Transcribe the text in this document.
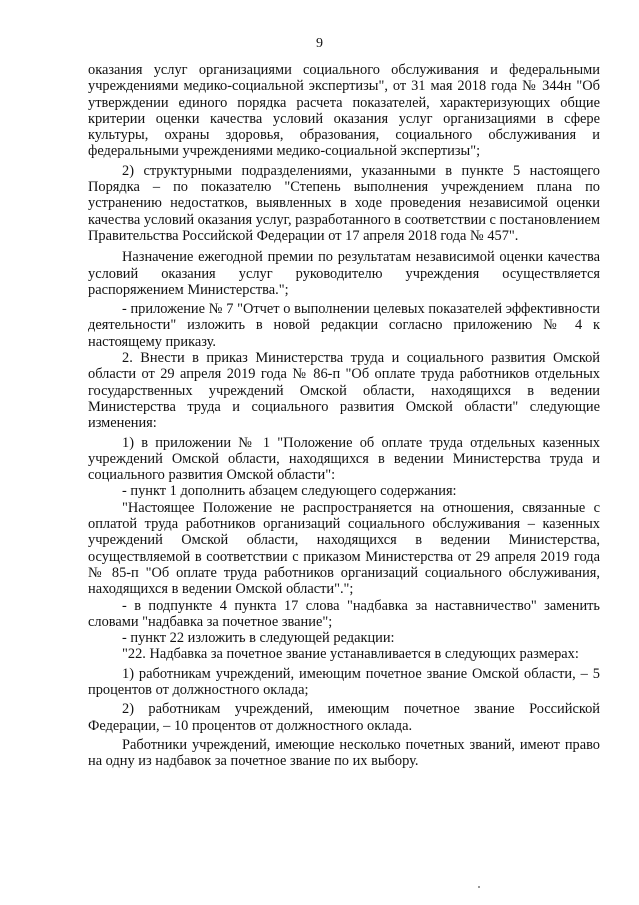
9

оказания услуг организациями социального обслуживания и федеральными учреждениями медико-социальной экспертизы", от 31 мая 2018 года № 344н "Об утверждении единого порядка расчета показателей, характеризующих общие критерии оценки качества условий оказания услуг организациями в сфере культуры, охраны здоровья, образования, социального обслуживания и федеральными учреждениями медико-социальной экспертизы";

2) структурными подразделениями, указанными в пункте 5 настоящего Порядка – по показателю "Степень выполнения учреждением плана по устранению недостатков, выявленных в ходе проведения независимой оценки качества условий оказания услуг, разработанного в соответствии с постановлением Правительства Российской Федерации от 17 апреля 2018 года № 457".

Назначение ежегодной премии по результатам независимой оценки качества условий оказания услуг руководителю учреждения осуществляется распоряжением Министерства.";

- приложение № 7 "Отчет о выполнении целевых показателей эффективности деятельности" изложить в новой редакции согласно приложению № 4 к настоящему приказу.

2. Внести в приказ Министерства труда и социального развития Омской области от 29 апреля 2019 года № 86-п "Об оплате труда работников отдельных государственных учреждений Омской области, находящихся в ведении Министерства труда и социального развития Омской области" следующие изменения:

1) в приложении № 1 "Положение об оплате труда отдельных казенных учреждений Омской области, находящихся в ведении Министерства труда и социального развития Омской области":

- пункт 1 дополнить абзацем следующего содержания:

"Настоящее Положение не распространяется на отношения, связанные с оплатой труда работников организаций социального обслуживания – казенных учреждений Омской области, находящихся в ведении Министерства, осуществляемой в соответствии с приказом Министерства от 29 апреля 2019 года № 85-п "Об оплате труда работников организаций социального обслуживания, находящихся в ведении Омской области".";

- в подпункте 4 пункта 17 слова "надбавка за наставничество" заменить словами "надбавка за почетное звание";

- пункт 22 изложить в следующей редакции:

"22. Надбавка за почетное звание устанавливается в следующих размерах:

1) работникам учреждений, имеющим почетное звание Омской области, – 5 процентов от должностного оклада;

2) работникам учреждений, имеющим почетное звание Российской Федерации, – 10 процентов от должностного оклада.

Работники учреждений, имеющие несколько почетных званий, имеют право на одну из надбавок за почетное звание по их выбору.
